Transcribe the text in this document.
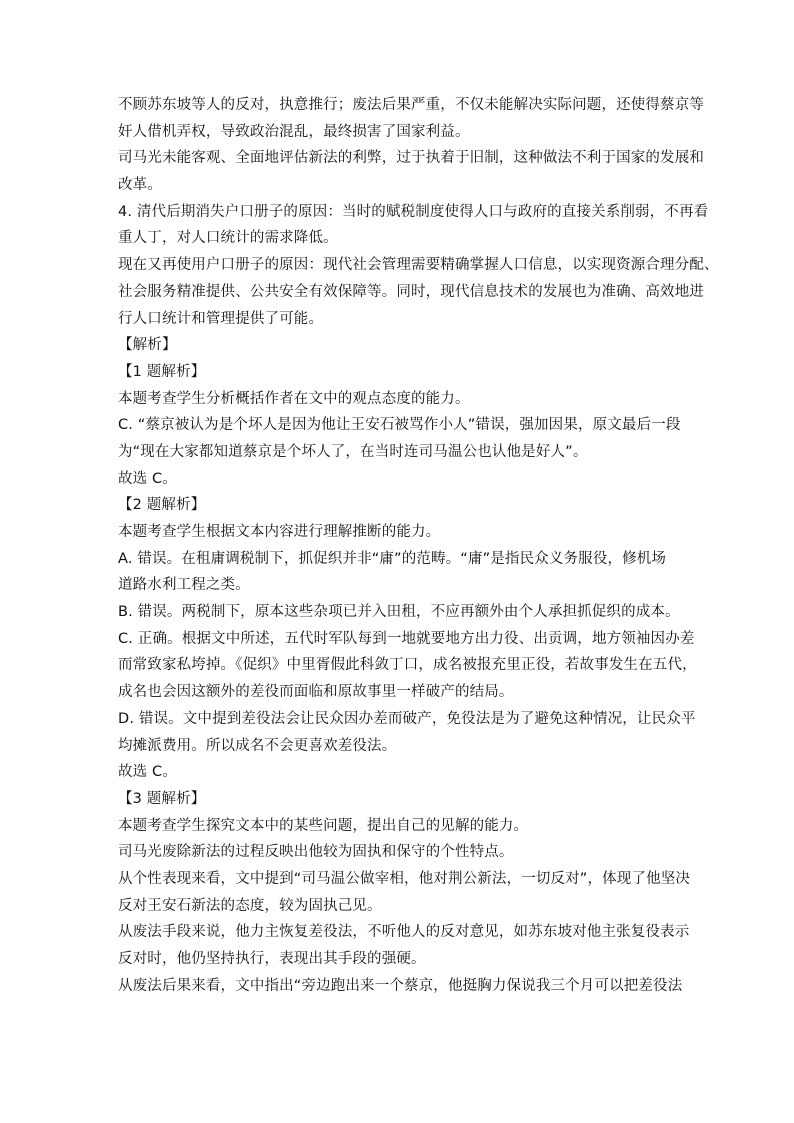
不顾苏东坡等人的反对，执意推行；废法后果严重，不仅未能解决实际问题，还使得蔡京等
奸人借机弄权，导致政治混乱，最终损害了国家利益。
司马光未能客观、全面地评估新法的利弊，过于执着于旧制，这种做法不利于国家的发展和
改革。
4. 清代后期消失户口册子的原因：当时的赋税制度使得人口与政府的直接关系削弱，不再看
重人丁，对人口统计的需求降低。
现在又再使用户口册子的原因：现代社会管理需要精确掌握人口信息，以实现资源合理分配、
社会服务精准提供、公共安全有效保障等。同时，现代信息技术的发展也为准确、高效地进
行人口统计和管理提供了可能。
【解析】
【1 题解析】
本题考查学生分析概括作者在文中的观点态度的能力。
C. “蔡京被认为是个坏人是因为他让王安石被骂作小人”错误，强加因果，原文最后一段
为“现在大家都知道蔡京是个坏人了，在当时连司马温公也认他是好人”。
故选 C。
【2 题解析】
本题考查学生根据文本内容进行理解推断的能力。
A. 错误。在租庸调税制下，抓促织并非“庸”的范畴。“庸”是指民众义务服役，修机场
道路水利工程之类。
B. 错误。两税制下，原本这些杂项已并入田租，不应再额外由个人承担抓促织的成本。
C. 正确。根据文中所述，五代时军队每到一地就要地方出力役、出贡调，地方领袖因办差
而常致家私垮掉。《促织》中里胥假此科敛丁口，成名被报充里正役，若故事发生在五代，
成名也会因这额外的差役而面临和原故事里一样破产的结局。
D. 错误。文中提到差役法会让民众因办差而破产，免役法是为了避免这种情况，让民众平
均摊派费用。所以成名不会更喜欢差役法。
故选 C。
【3 题解析】
本题考查学生探究文本中的某些问题，提出自己的见解的能力。
司马光废除新法的过程反映出他较为固执和保守的个性特点。
从个性表现来看，文中提到“司马温公做宰相，他对荆公新法，一切反对”，体现了他坚决
反对王安石新法的态度，较为固执己见。
从废法手段来说，他力主恢复差役法，不听他人的反对意见，如苏东坡对他主张复役表示
反对时，他仍坚持执行，表现出其手段的强硬。
从废法后果来看，文中指出“旁边跑出来一个蔡京，他挺胸力保说我三个月可以把差役法
